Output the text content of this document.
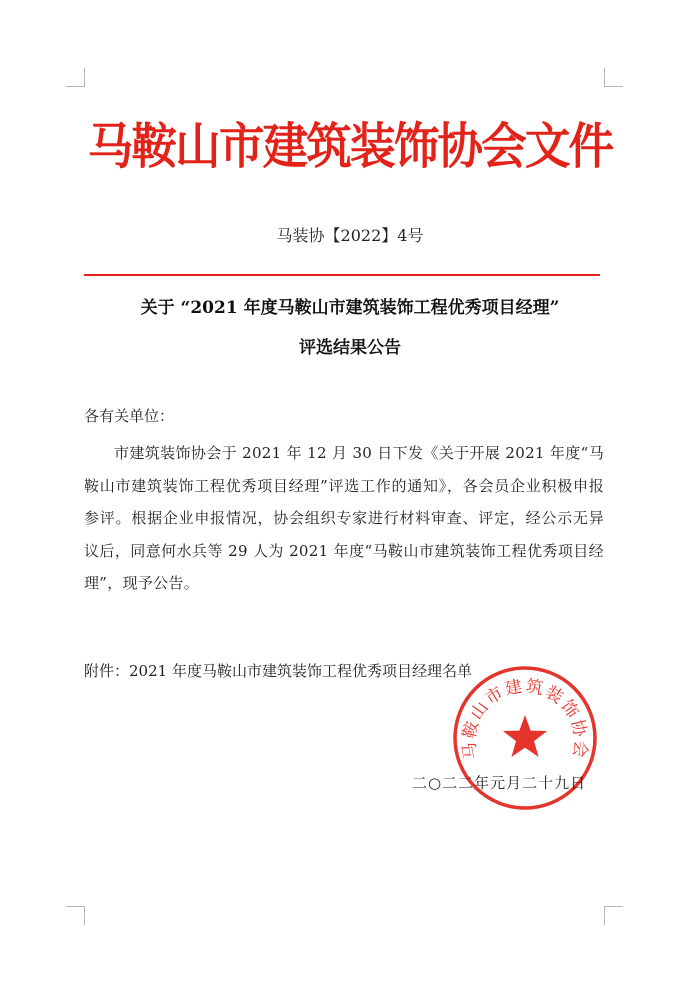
马鞍山市建筑装饰协会文件
马装协【2022】4号
关于 “2021 年度马鞍山市建筑装饰工程优秀项目经理”
评选结果公告
各有关单位：
市建筑装饰协会于 2021 年 12 月 30 日下发《关于开展 2021 年度“马鞍山市建筑装饰工程优秀项目经理”评选工作的通知》，各会员企业积极申报参评。根据企业申报情况，协会组织专家进行材料审查、评定，经公示无异议后，同意何水兵等 29 人为 2021 年度“马鞍山市建筑装饰工程优秀项目经理”，现予公告。
附件：2021 年度马鞍山市建筑装饰工程优秀项目经理名单
马鞍山市建筑装饰协会
二○二二年元月二十九日
